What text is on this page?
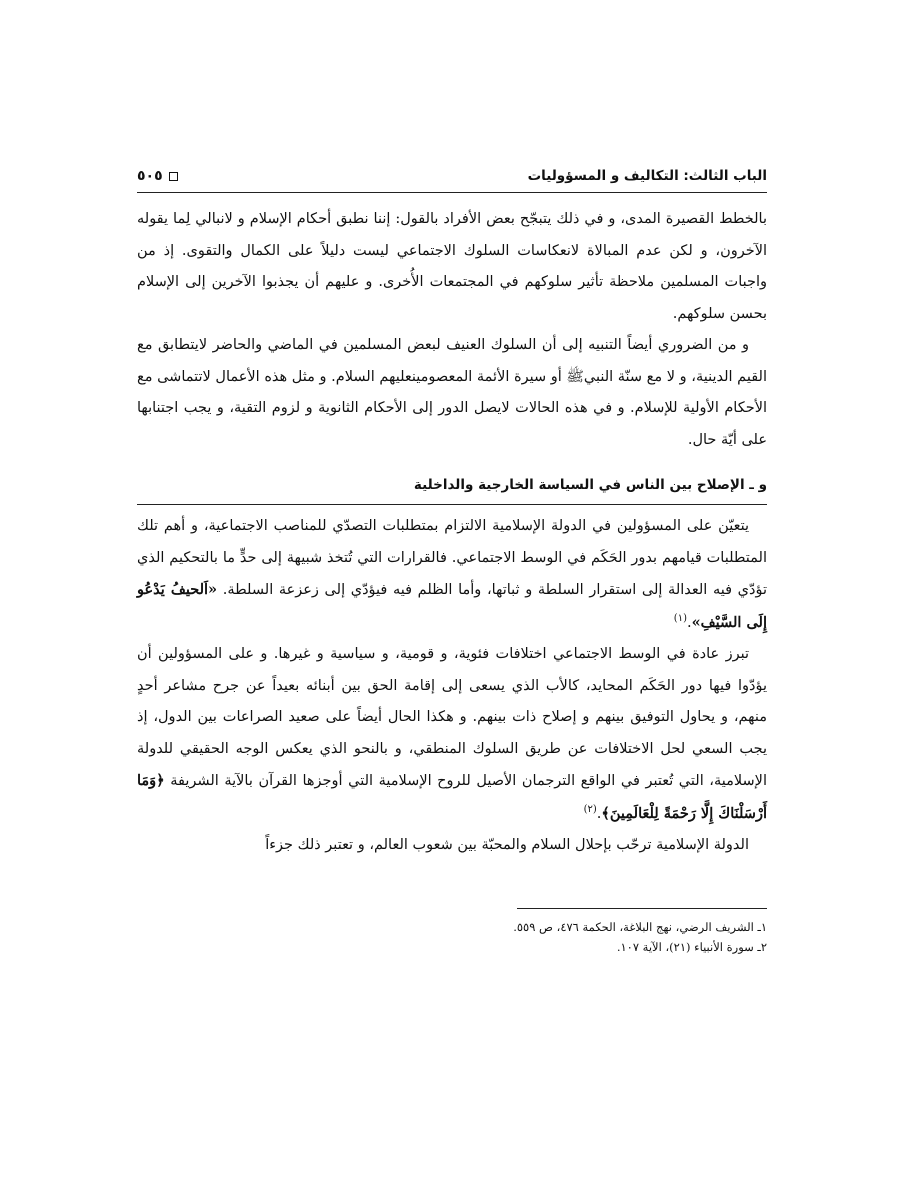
الباب الثالث: التكاليف و المسؤوليات
٥٠٥

بالخطط القصيرة المدى، و في ذلك يتبجّح بعض الأفراد بالقول: إننا نطبق أحكام الإسلام و لانبالي لِما يقوله الآخرون، و لكن عدم المبالاة لانعكاسات السلوك الاجتماعي ليست دليلاً على الكمال والتقوى. إذ من واجبات المسلمين ملاحظة تأثير سلوكهم في المجتمعات الأُخرى. و عليهم أن يجذبوا الآخرين إلى الإسلام بحسن سلوكهم.

و من الضروري أيضاً التنبيه إلى أن السلوك العنيف لبعض المسلمين في الماضي والحاضر لايتطابق مع القيم الدينية، و لا مع سنّة النبيﷺ أو سيرة الأئمة المعصومينعليهم السلام. و مثل هذه الأعمال لاتتماشى مع الأحكام الأولية للإسلام. و في هذه الحالات لايصل الدور إلى الأحكام الثانوية و لزوم التقية، و يجب اجتنابها على أيّة حال.

و ـ الإصلاح بين الناس في السياسة الخارجية والداخلية

يتعيّن على المسؤولين في الدولة الإسلامية الالتزام بمتطلبات التصدّي للمناصب الاجتماعية، و أهم تلك المتطلبات قيامهم بدور الحَكَم في الوسط الاجتماعي. فالقرارات التي تُتخذ شبيهة إلى حدٍّ ما بالتحكيم الذي تؤدّي فيه العدالة إلى استقرار السلطة و ثباتها، وأما الظلم فيه فيؤدّي إلى زعزعة السلطة. «اَلحيفُ يَدْعُو إِلَى السَّيْفِ».$^{(١)}$

تبرز عادة في الوسط الاجتماعي اختلافات فئوية، و قومية، و سياسية و غيرها. و على المسؤولين أن يؤدّوا فيها دور الحَكَم المحايد، كالأب الذي يسعى إلى إقامة الحق بين أبنائه بعيداً عن جرح مشاعر أحدٍ منهم، و يحاول التوفيق بينهم و إصلاح ذات بينهم. و هكذا الحال أيضاً على صعيد الصراعات بين الدول، إذ يجب السعي لحل الاختلافات عن طريق السلوك المنطقي، و بالنحو الذي يعكس الوجه الحقيقي للدولة الإسلامية، التي تُعتبر في الواقع الترجمان الأصيل للروح الإسلامية التي أوجزها القرآن بالآية الشريفة ﴿وَمَا أَرْسَلْنَاكَ إِلَّا رَحْمَةً لِلْعَالَمِينَ﴾.$^{(٢)}$

الدولة الإسلامية ترحّب بإحلال السلام والمحبّة بين شعوب العالم، و تعتبر ذلك جزءاً

١ـ الشريف الرضي، نهج البلاغة، الحكمة ٤٧٦، ص ٥٥٩.

٢ـ سورة الأنبياء (٢١)، الآية ١٠٧.
